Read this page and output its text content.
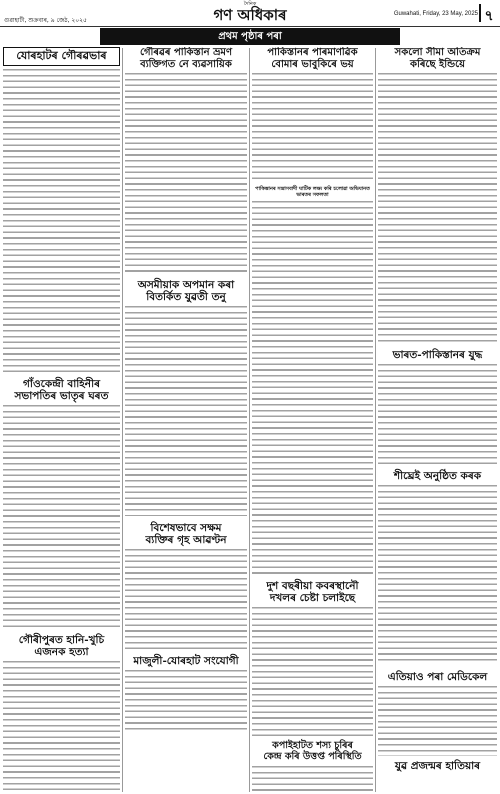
গুৱাহাটী, শুক্ৰবাৰ, ৯ জেঠ, ২০২৫
দৈনিক
গণ অধিকাৰ	Guwahati, Friday, 23 May, 2025 ৭
প্ৰথম পৃষ্ঠাৰ পৰা
যোৰহাটৰ গৌৰৱভাৰ
গাঁওকেন্দ্ৰী বাহিনীৰ
সভাপতিৰ ভাতৃৰ ঘৰত
গৌৰীপুৰত হানি-খুচি
এজনক হত্যা
গৌৰৱৰ পাকিস্তান ভ্ৰমণ
ব্যক্তিগত নে ব্যৱসায়িক
অসমীয়াক অপমান কৰা
বিতৰ্কিত যুৱতী তনু
বিশেষভাবে সক্ষম
ব্যক্তিৰ গৃহ আৱণ্টন
মাজুলী-যোৰহাট সংযোগী
পাকিস্তানৰ পাৰমাণৱিক
বোমাৰ ভাবুকিৰে ভয়
পাকিস্তানৰ সন্ত্ৰাসবাদী ঘাটিক লক্ষ্য কৰি চলোৱা অভিযানত ভাৰতৰ সফলতা
দুশ বছৰীয়া কবৰস্থানৌ
দখলৰ চেষ্টা চলাইছে
কপাইহাটত শস্য চুৰিৰ
কেন্দ্ৰ কৰি উত্তপ্ত পৰিস্থিতি
সকলো সীমা অতিক্ৰম
কৰিছে ইন্ডিয়ে
ভাৰত-পাকিস্তানৰ যুদ্ধ
শীঘ্ৰেই অনুষ্ঠিত কৰক
এতিয়াও পৰা মেডিকেল
যুৱ প্ৰজন্মৰ হাতিয়াৰ
